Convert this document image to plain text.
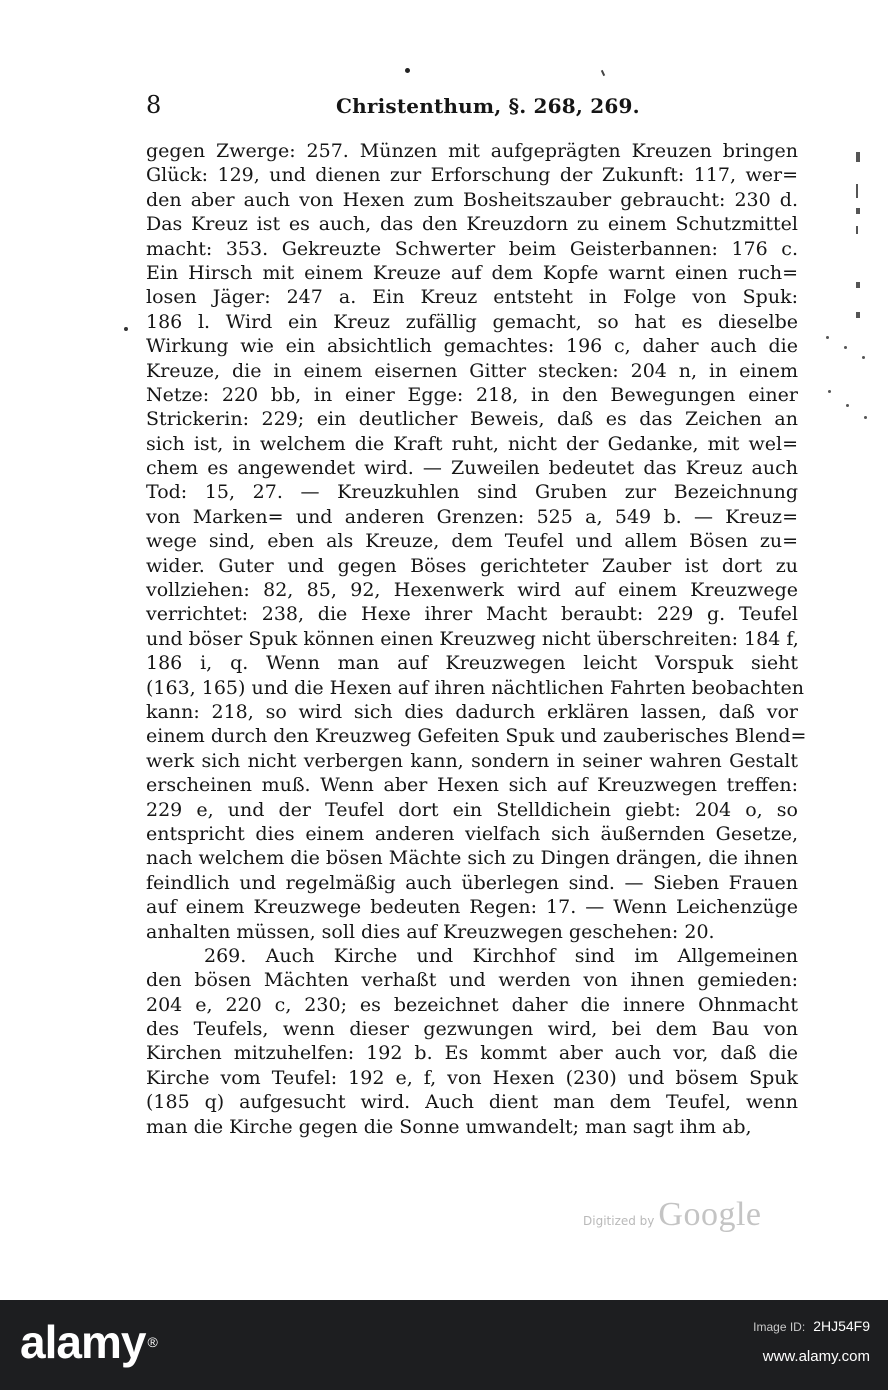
8	Christenthum, §. 268, 269.
gegen Zwerge: 257. Münzen mit aufgeprägten Kreuzen bringen
Glück: 129, und dienen zur Erforschung der Zukunft: 117, wer=
den aber auch von Hexen zum Bosheitszauber gebraucht: 230 d.
Das Kreuz ist es auch, das den Kreuzdorn zu einem Schutzmittel
macht: 353. Gekreuzte Schwerter beim Geisterbannen: 176 c.
Ein Hirsch mit einem Kreuze auf dem Kopfe warnt einen ruch=
losen Jäger: 247 a. Ein Kreuz entsteht in Folge von Spuk:
186 l. Wird ein Kreuz zufällig gemacht, so hat es dieselbe
Wirkung wie ein absichtlich gemachtes: 196 c, daher auch die
Kreuze, die in einem eisernen Gitter stecken: 204 n, in einem
Netze: 220 bb, in einer Egge: 218, in den Bewegungen einer
Strickerin: 229; ein deutlicher Beweis, daß es das Zeichen an
sich ist, in welchem die Kraft ruht, nicht der Gedanke, mit wel=
chem es angewendet wird. — Zuweilen bedeutet das Kreuz auch
Tod: 15, 27. — Kreuzkuhlen sind Gruben zur Bezeichnung
von Marken= und anderen Grenzen: 525 a, 549 b. — Kreuz=
wege sind, eben als Kreuze, dem Teufel und allem Bösen zu=
wider. Guter und gegen Böses gerichteter Zauber ist dort zu
vollziehen: 82, 85, 92, Hexenwerk wird auf einem Kreuzwege
verrichtet: 238, die Hexe ihrer Macht beraubt: 229 g. Teufel
und böser Spuk können einen Kreuzweg nicht überschreiten: 184 f,
186 i, q. Wenn man auf Kreuzwegen leicht Vorspuk sieht
(163, 165) und die Hexen auf ihren nächtlichen Fahrten beobachten
kann: 218, so wird sich dies dadurch erklären lassen, daß vor
einem durch den Kreuzweg Gefeiten Spuk und zauberisches Blend=
werk sich nicht verbergen kann, sondern in seiner wahren Gestalt
erscheinen muß. Wenn aber Hexen sich auf Kreuzwegen treffen:
229 e, und der Teufel dort ein Stelldichein giebt: 204 o, so
entspricht dies einem anderen vielfach sich äußernden Gesetze,
nach welchem die bösen Mächte sich zu Dingen drängen, die ihnen
feindlich und regelmäßig auch überlegen sind. — Sieben Frauen
auf einem Kreuzwege bedeuten Regen: 17. — Wenn Leichenzüge
anhalten müssen, soll dies auf Kreuzwegen geschehen: 20.
269. Auch Kirche und Kirchhof sind im Allgemeinen
den bösen Mächten verhaßt und werden von ihnen gemieden:
204 e, 220 c, 230; es bezeichnet daher die innere Ohnmacht
des Teufels, wenn dieser gezwungen wird, bei dem Bau von
Kirchen mitzuhelfen: 192 b. Es kommt aber auch vor, daß die
Kirche vom Teufel: 192 e, f, von Hexen (230) und bösem Spuk
(185 q) aufgesucht wird. Auch dient man dem Teufel, wenn
man die Kirche gegen die Sonne umwandelt; man sagt ihm ab,
Digitized by Google
alamy ®
Image ID: 2HJ54F9
www.alamy.com
